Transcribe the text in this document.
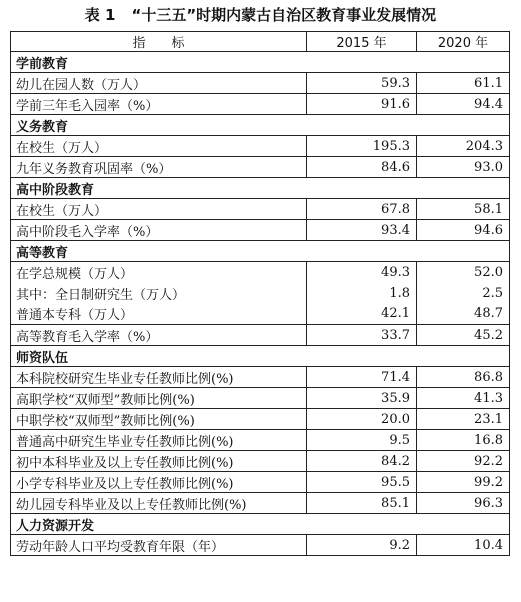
表 1 “十三五”时期内蒙古自治区教育事业发展情况
指　　标	2015 年	2020 年
学前教育		
幼儿在园人数（万人）	59.3	61.1
学前三年毛入园率（%）	91.6	94.4
义务教育		
在校生（万人）	195.3	204.3
九年义务教育巩固率（%）	84.6	93.0
高中阶段教育		
在校生（万人）	67.8	58.1
高中阶段毛入学率（%）	93.4	94.6
高等教育		
在学总规模（万人）	49.3	52.0
其中：全日制研究生（万人）	1.8	2.5
普通本专科（万人）	42.1	48.7
高等教育毛入学率（%）	33.7	45.2
师资队伍		
本科院校研究生毕业专任教师比例(%)	71.4	86.8
高职学校“双师型”教师比例(%)	35.9	41.3
中职学校“双师型”教师比例(%)	20.0	23.1
普通高中研究生毕业专任教师比例(%)	9.5	16.8
初中本科毕业及以上专任教师比例(%)	84.2	92.2
小学专科毕业及以上专任教师比例(%)	95.5	99.2
幼儿园专科毕业及以上专任教师比例(%)	85.1	96.3
人力资源开发		
劳动年龄人口平均受教育年限（年）	9.2	10.4
